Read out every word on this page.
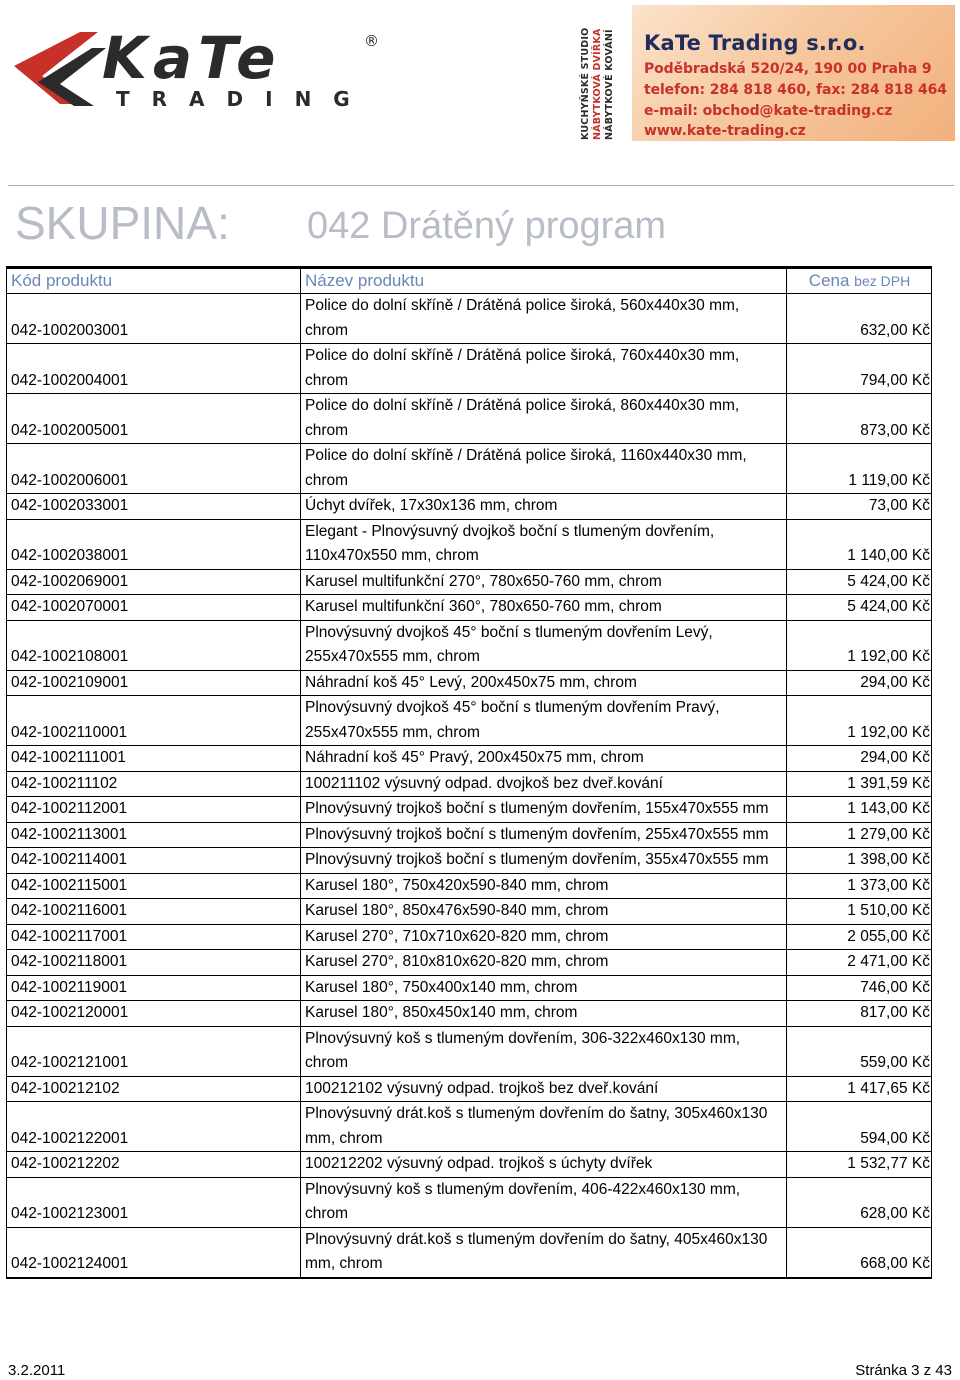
KaTe	®
TRADING	KUCHYŇSKÉ STUDIO NÁBYTKOVÁ DVÍŘKA NÁBYTKOVÉ KOVÁNÍ KaTe Trading s.r.o.
Poděbradská 520/24, 190 00 Praha 9
telefon: 284 818 460, fax: 284 818 464
e-mail: obchod@kate-trading.cz
www.kate-trading.cz
SKUPINA: 042 Drátěný program
Kód produktu	Název produktu	Cena bez DPH
042-1002003001	Police do dolní skříně / Drátěná police široká, 560x440x30 mm, chrom	632,00 Kč
042-1002004001	Police do dolní skříně / Drátěná police široká, 760x440x30 mm, chrom	794,00 Kč
042-1002005001	Police do dolní skříně / Drátěná police široká, 860x440x30 mm, chrom	873,00 Kč
042-1002006001	Police do dolní skříně / Drátěná police široká, 1160x440x30 mm, chrom	1 119,00 Kč
042-1002033001	Úchyt dvířek, 17x30x136 mm, chrom	73,00 Kč
042-1002038001	Elegant - Plnovýsuvný dvojkoš boční s tlumeným dovřením, 110x470x550 mm, chrom	1 140,00 Kč
042-1002069001	Karusel multifunkční 270°, 780x650-760 mm, chrom	5 424,00 Kč
042-1002070001	Karusel multifunkční 360°, 780x650-760 mm, chrom	5 424,00 Kč
042-1002108001	Plnovýsuvný dvojkoš 45° boční s tlumeným dovřením Levý, 255x470x555 mm, chrom	1 192,00 Kč
042-1002109001	Náhradní koš 45° Levý, 200x450x75 mm, chrom	294,00 Kč
042-1002110001	Plnovýsuvný dvojkoš 45° boční s tlumeným dovřením Pravý, 255x470x555 mm, chrom	1 192,00 Kč
042-1002111001	Náhradní koš 45° Pravý, 200x450x75 mm, chrom	294,00 Kč
042-100211102	100211102 výsuvný odpad. dvojkoš bez dveř.kování	1 391,59 Kč
042-1002112001	Plnovýsuvný trojkoš boční s tlumeným dovřením, 155x470x555 mm	1 143,00 Kč
042-1002113001	Plnovýsuvný trojkoš boční s tlumeným dovřením, 255x470x555 mm	1 279,00 Kč
042-1002114001	Plnovýsuvný trojkoš boční s tlumeným dovřením, 355x470x555 mm	1 398,00 Kč
042-1002115001	Karusel 180°, 750x420x590-840 mm, chrom	1 373,00 Kč
042-1002116001	Karusel 180°, 850x476x590-840 mm, chrom	1 510,00 Kč
042-1002117001	Karusel 270°, 710x710x620-820 mm, chrom	2 055,00 Kč
042-1002118001	Karusel 270°, 810x810x620-820 mm, chrom	2 471,00 Kč
042-1002119001	Karusel 180°, 750x400x140 mm, chrom	746,00 Kč
042-1002120001	Karusel 180°, 850x450x140 mm, chrom	817,00 Kč
042-1002121001	Plnovýsuvný koš s tlumeným dovřením, 306-322x460x130 mm, chrom	559,00 Kč
042-100212102	100212102 výsuvný odpad. trojkoš bez dveř.kování	1 417,65 Kč
042-1002122001	Plnovýsuvný drát.koš s tlumeným dovřením do šatny, 305x460x130 mm, chrom	594,00 Kč
042-100212202	100212202 výsuvný odpad. trojkoš s úchyty dvířek	1 532,77 Kč
042-1002123001	Plnovýsuvný koš s tlumeným dovřením, 406-422x460x130 mm, chrom	628,00 Kč
042-1002124001	Plnovýsuvný drát.koš s tlumeným dovřením do šatny, 405x460x130 mm, chrom	668,00 Kč
3.2.2011	Stránka 3 z 43
